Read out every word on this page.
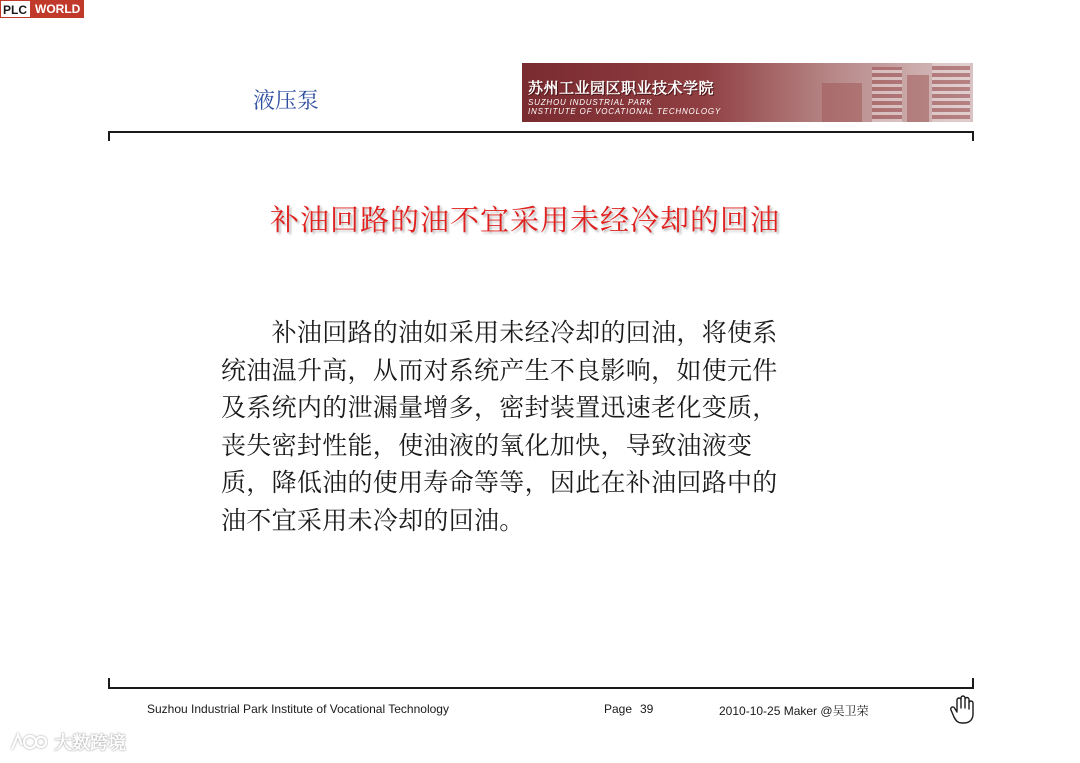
PLC WORLD
液压泵
苏州工业园区职业技术学院
SUZHOU INDUSTRIAL PARK
INSTITUTE OF VOCATIONAL TECHNOLOGY
补油回路的油不宜采用未经冷却的回油
　　补油回路的油如采用未经冷却的回油，将使系
统油温升高，从而对系统产生不良影响，如使元件
及系统内的泄漏量增多，密封装置迅速老化变质，
丧失密封性能，使油液的氧化加快，导致油液变
质，降低油的使用寿命等等，因此在补油回路中的
油不宜采用未冷却的回油。
Suzhou Industrial Park Institute of Vocational Technology	Page 39	2010-10-25 Maker @吴卫荣
大数跨境
